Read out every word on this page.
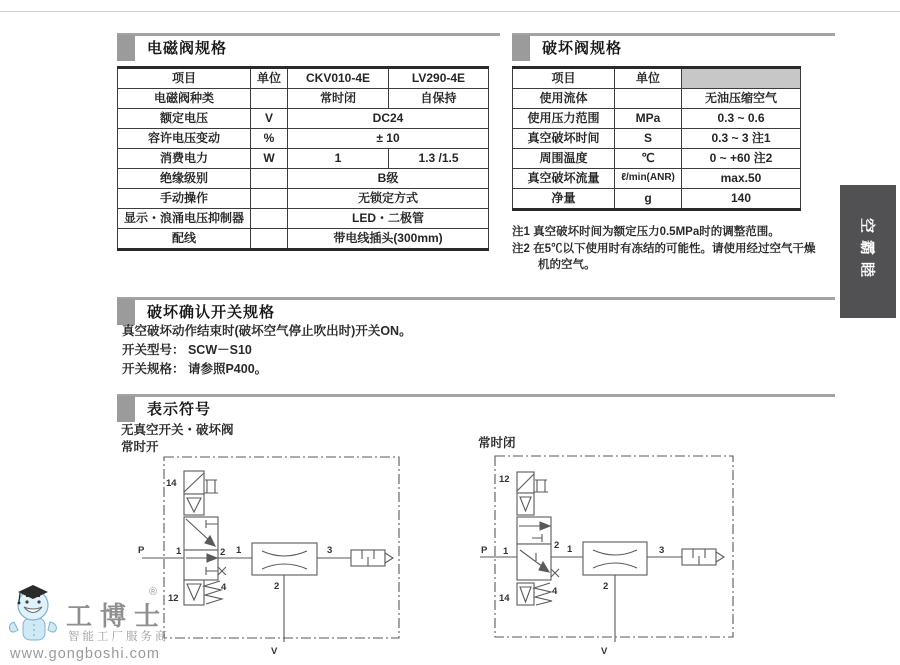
电磁阀规格
项目	单位	CKV010-4E	LV290-4E
电磁阀种类		常时闭	自保持
额定电压	V	DC24	
容许电压变动	%	± 10	
消费电力	W	1	1.3 /1.5
绝缘级别		B级	
手动操作		无锁定方式	
显示・浪涌电压抑制器		LED・二极管	
配线		带电线插头(300mm)	
破坏阀规格
项目	单位	
使用流体		无油压缩空气
使用压力范围	MPa	0.3 ~ 0.6
真空破坏时间	S	0.3 ~ 3 注1
周围温度	℃	0 ~ +60 注2
真空破坏流量	ℓ/min(ANR)	max.50
净量	g	140
注1 真空破坏时间为额定压力0.5MPa时的调整范围。
注2 在5℃以下使用时有冻结的可能性。请使用经过空气干燥机的空气。	空霸睦
破坏确认开关规格
真空破坏动作结束时(破坏空气停止吹出时)开关ON。
开关型号： SCW－S10
开关规格： 请参照P400。
表示符号
无真空开关・破坏阀
常时开	常时闭
P	1
14
12
2
4
1	3
2
V
P 1
12
14
2
4
1	3
2
V
®
工博士
智能工厂服务商
www.gongboshi.com
